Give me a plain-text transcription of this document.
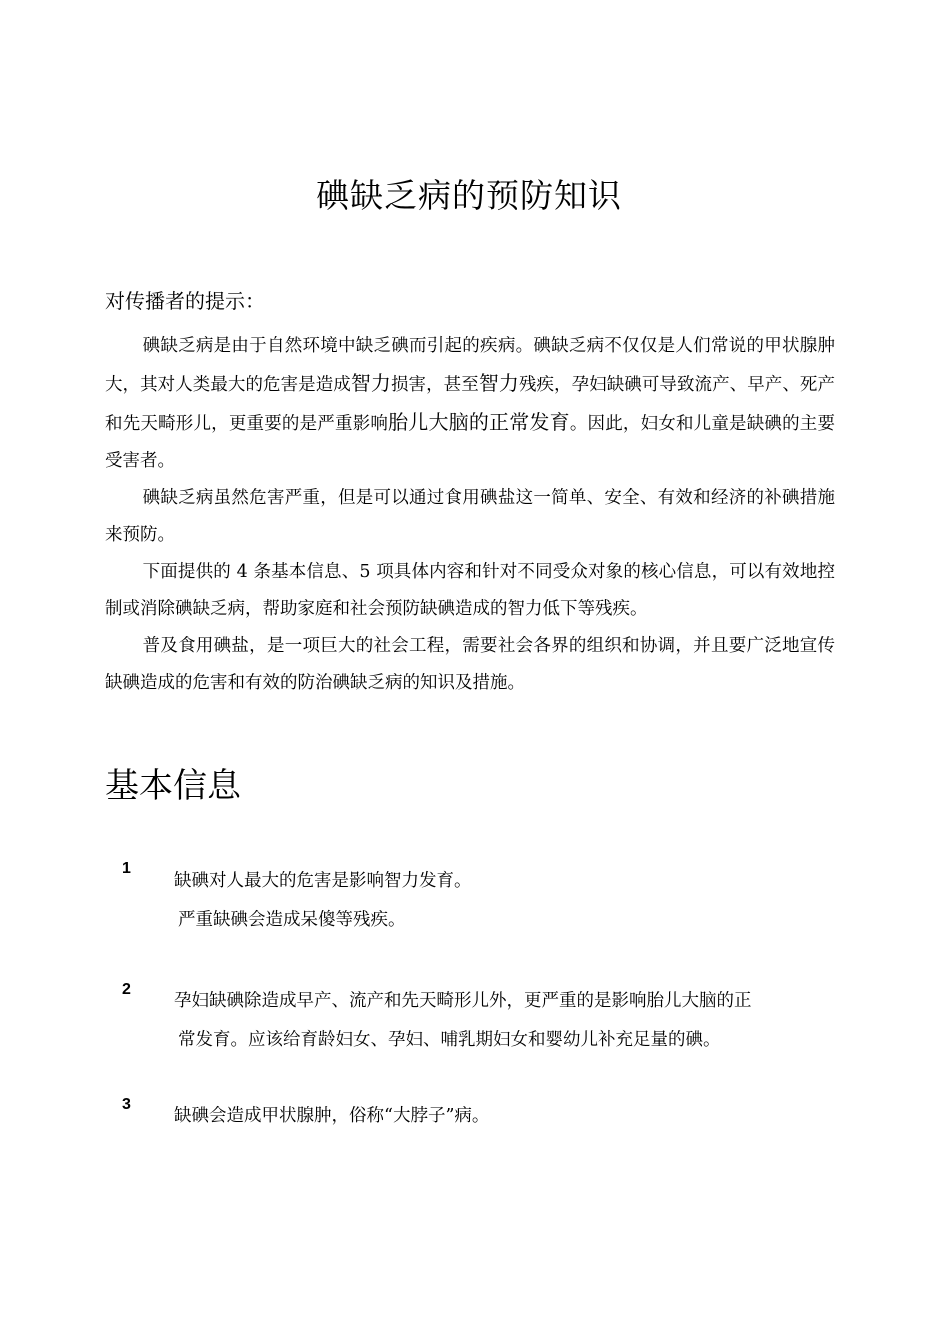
碘缺乏病的预防知识
对传播者的提示：

碘缺乏病是由于自然环境中缺乏碘而引起的疾病。碘缺乏病不仅仅是人们常说的甲状腺肿大，其对人类最大的危害是造成智力损害，甚至智力残疾，孕妇缺碘可导致流产、早产、死产和先天畸形儿，更重要的是严重影响胎儿大脑的正常发育。因此，妇女和儿童是缺碘的主要受害者。

碘缺乏病虽然危害严重，但是可以通过食用碘盐这一简单、安全、有效和经济的补碘措施来预防。

下面提供的 4 条基本信息、5 项具体内容和针对不同受众对象的核心信息，可以有效地控制或消除碘缺乏病，帮助家庭和社会预防缺碘造成的智力低下等残疾。

普及食用碘盐，是一项巨大的社会工程，需要社会各界的组织和协调，并且要广泛地宣传缺碘造成的危害和有效的防治碘缺乏病的知识及措施。

基本信息
1
缺碘对人最大的危害是影响智力发育。
严重缺碘会造成呆傻等残疾。
2
孕妇缺碘除造成早产、流产和先天畸形儿外，更严重的是影响胎儿大脑的正
常发育。应该给育龄妇女、孕妇、哺乳期妇女和婴幼儿补充足量的碘。
3
缺碘会造成甲状腺肿，俗称“大脖子”病。
